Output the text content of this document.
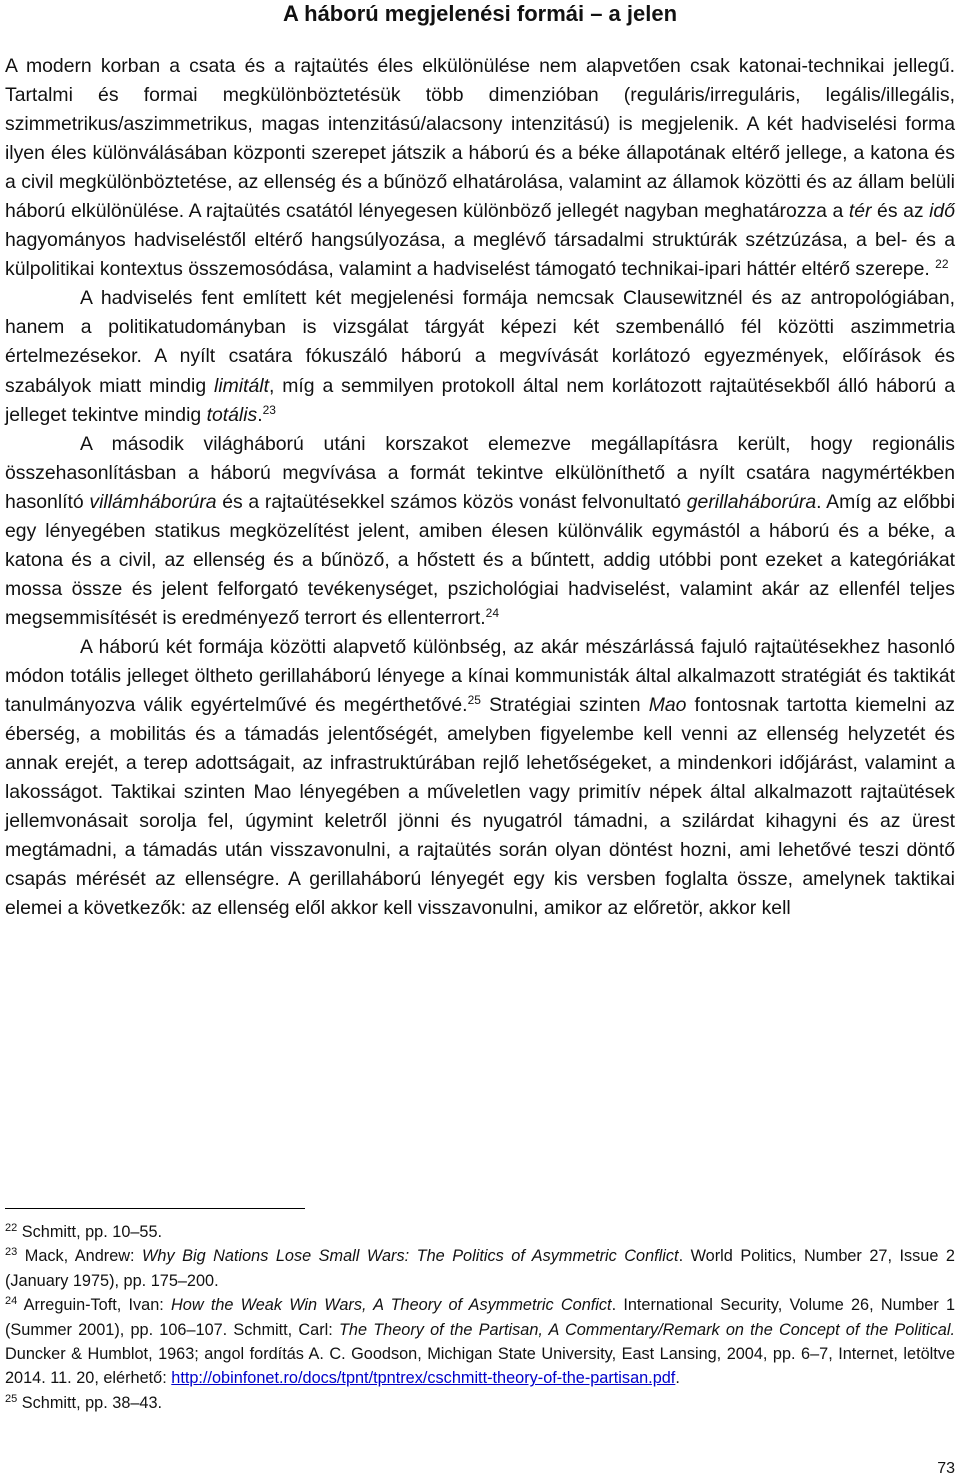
A háború megjelenési formái – a jelen

A modern korban a csata és a rajtaütés éles elkülönülése nem alapvetően csak katonai-technikai jellegű. Tartalmi és formai megkülönböztetésük több dimenzióban (reguláris/irreguláris, legális/illegális, szimmetrikus/aszimmetrikus, magas intenzitású/alacsony intenzitású) is megjelenik. A két hadviselési forma ilyen éles különválásában központi szerepet játszik a háború és a béke állapotának eltérő jellege, a katona és a civil megkülönböztetése, az ellenség és a bűnöző elhatárolása, valamint az államok közötti és az állam belüli háború elkülönülése. A rajtaütés csatától lényegesen különböző jellegét nagyban meghatározza a tér és az idő hagyományos hadviseléstől eltérő hangsúlyozása, a meglévő társadalmi struktúrák szétzúzása, a bel- és a külpolitikai kontextus összemosódása, valamint a hadviselést támogató technikai-ipari háttér eltérő szerepe. $^{22}$

A hadviselés fent említett két megjelenési formája nemcsak Clausewitznél és az antropológiában, hanem a politikatudományban is vizsgálat tárgyát képezi két szembenálló fél közötti aszimmetria értelmezésekor. A nyílt csatára fókuszáló háború a megvívását korlátozó egyezmények, előírások és szabályok miatt mindig limitált, míg a semmilyen protokoll által nem korlátozott rajtaütésekből álló háború a jelleget tekintve mindig totális.$^{23}$

A második világháború utáni korszakot elemezve megállapításra került, hogy regionális összehasonlításban a háború megvívása a formát tekintve elkülöníthető a nyílt csatára nagymértékben hasonlító villámháborúra és a rajtaütésekkel számos közös vonást felvonultató gerillaháborúra. Amíg az előbbi egy lényegében statikus megközelítést jelent, amiben élesen különválik egymástól a háború és a béke, a katona és a civil, az ellenség és a bűnöző, a hőstett és a bűntett, addig utóbbi pont ezeket a kategóriákat mossa össze és jelent felforgató tevékenységet, pszichológiai hadviselést, valamint akár az ellenfél teljes megsemmisítését is eredményező terrort és ellenterrort.$^{24}$

A háború két formája közötti alapvető különbség, az akár mészárlássá fajuló rajtaütésekhez hasonló módon totális jelleget öltheto gerillaháború lényege a kínai kommunisták által alkalmazott stratégiát és taktikát tanulmányozva válik egyértelművé és megérthetővé.$^{25}$ Stratégiai szinten Mao fontosnak tartotta kiemelni az éberség, a mobilitás és a támadás jelentőségét, amelyben figyelembe kell venni az ellenség helyzetét és annak erejét, a terep adottságait, az infrastruktúrában rejlő lehetőségeket, a mindenkori időjárást, valamint a lakosságot. Taktikai szinten Mao lényegében a műveletlen vagy primitív népek által alkalmazott rajtaütések jellemvonásait sorolja fel, úgymint keletről jönni és nyugatról támadni, a szilárdat kihagyni és az ürest megtámadni, a támadás után visszavonulni, a rajtaütés során olyan döntést hozni, ami lehetővé teszi döntő csapás mérését az ellenségre. A gerillaháború lényegét egy kis versben foglalta össze, amelynek taktikai elemei a következők: az ellenség elől akkor kell visszavonulni, amikor az előretör, akkor kell

$^{22}$ Schmitt, pp. 10–55.

$^{23}$ Mack, Andrew: Why Big Nations Lose Small Wars: The Politics of Asymmetric Conflict. World Politics, Number 27, Issue 2 (January 1975), pp. 175–200.

$^{24}$ Arreguin-Toft, Ivan: How the Weak Win Wars, A Theory of Asymmetric Confict. International Security, Volume 26, Number 1 (Summer 2001), pp. 106–107. Schmitt, Carl: The Theory of the Partisan, A Commentary/Remark on the Concept of the Political. Duncker & Humblot, 1963; angol fordítás A. C. Goodson, Michigan State University, East Lansing, 2004, pp. 6–7, Internet, letöltve 2014. 11. 20, elérhető: http://obinfonet.ro/docs/tpnt/tpntrex/cschmitt-theory-of-the-partisan.pdf.

$^{25}$ Schmitt, pp. 38–43.

73
